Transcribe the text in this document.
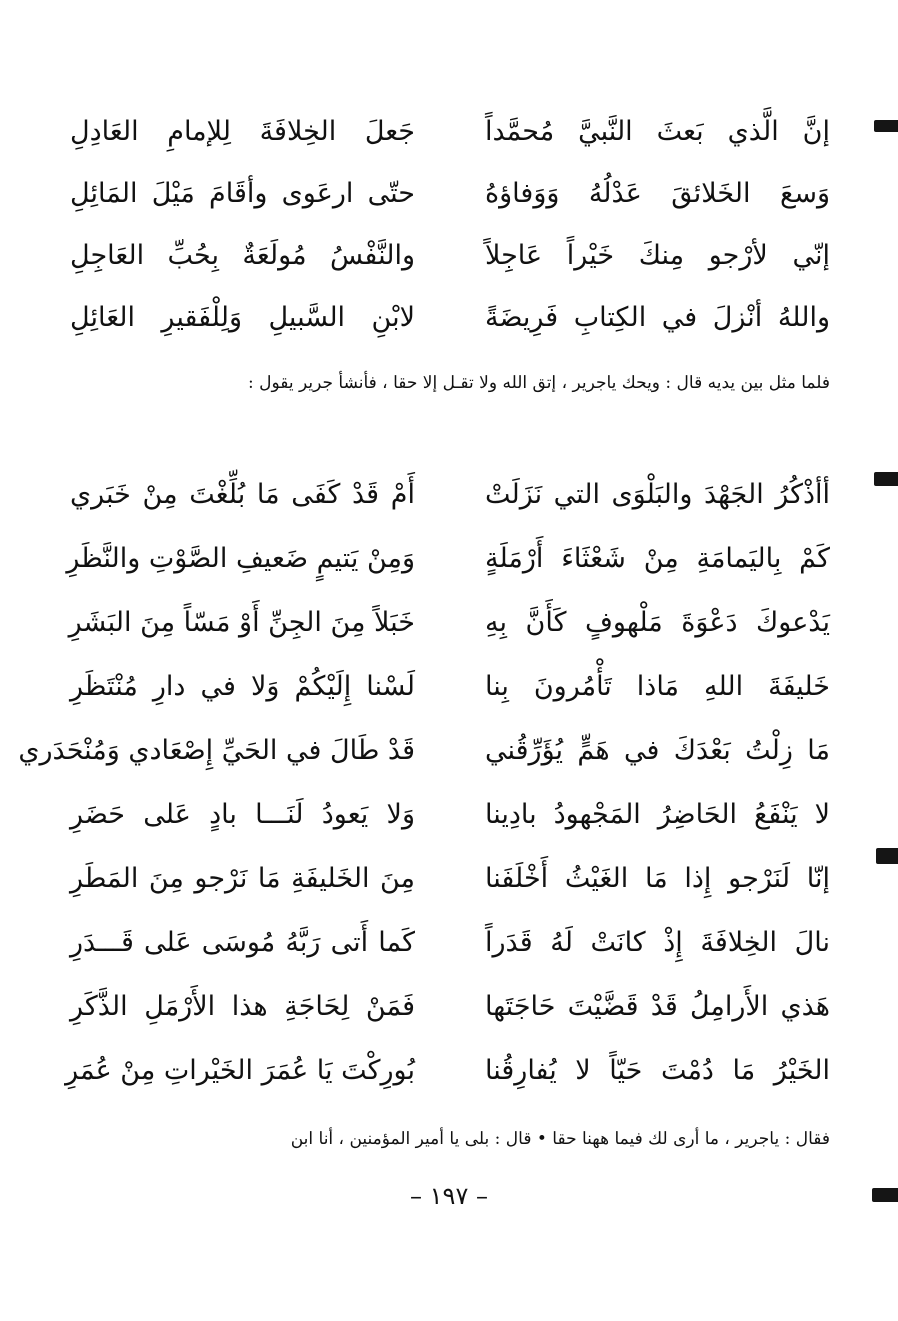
إنَّ الَّذي بَعثَ النَّبيَّ مُحمَّداً
جَعلَ الخِلافَةَ لِلإمامِ العَادِلِ
وَسعَ الخَلائقَ عَدْلُهُ وَوَفاؤهُ
حتّى ارعَوى وأقَامَ مَيْلَ المَائِلِ
إنّي لأرْجو مِنكَ خَيْراً عَاجِلاً
والنَّفْسُ مُولَعَةٌ بِحُبِّ العَاجِلِ
واللهُ أنْزلَ في الكِتابِ فَرِيضَةً
لابْنِ السَّبيلِ وَلِلْفَقيرِ العَائِلِ
فلما مثل بين يديه قال : ويحك ياجرير ، إتق الله ولا تقـل إلا حقا ، فأنشأ جرير يقول :
أأذْكُرُ الجَهْدَ والبَلْوَى التي نَزَلَتْ
أَمْ قَدْ كَفَى مَا بُلِّغْتَ مِنْ خَبَري
كَمْ بِاليَمامَةِ مِنْ شَعْثَاءَ أَرْمَلَةٍ
وَمِنْ يَتيمٍ ضَعيفِ الصَّوْتِ والنَّظَرِ
يَدْعوكَ دَعْوَةَ مَلْهوفٍ كَأَنَّ بِهِ
خَبَلاً مِنَ الجِنِّ أَوْ مَسّاً مِنَ البَشَرِ
خَليفَةَ اللهِ مَاذا تَأْمُرونَ بِنا
لَسْنا إِلَيْكُمْ وَلا في دارِ مُنْتَظَرِ
مَا زِلْتُ بَعْدَكَ في هَمٍّ يُؤَرِّقُني
قَدْ طَالَ في الحَيِّ إِصْعَادي وَمُنْحَدَري
لا يَنْفَعُ الحَاضِرُ المَجْهودُ بادِينا
وَلا يَعودُ لَنَـــا بادٍ عَلى حَضَرِ
إنّا لَنَرْجو إِذا مَا الغَيْثُ أَخْلَفَنا
مِنَ الخَليفَةِ مَا نَرْجو مِنَ المَطَرِ
نالَ الخِلافَةَ إِذْ كانَتْ لَهُ قَدَراً
كَما أَتى رَبَّهُ مُوسَى عَلى قَـــدَرِ
هَذي الأَرامِلُ قَدْ قَضَّيْتَ حَاجَتَها
فَمَنْ لِحَاجَةِ هذا الأَرْمَلِ الذَّكَرِ
الخَيْرُ مَا دُمْتَ حَيّاً لا يُفارِقُنا
بُورِكْتَ يَا عُمَرَ الخَيْراتِ مِنْ عُمَرِ
فقال : ياجرير ، ما أرى لك فيما ههنا حقا • قال : بلى يا أمير المؤمنين ، أنا ابن
– ١٩٧ –
